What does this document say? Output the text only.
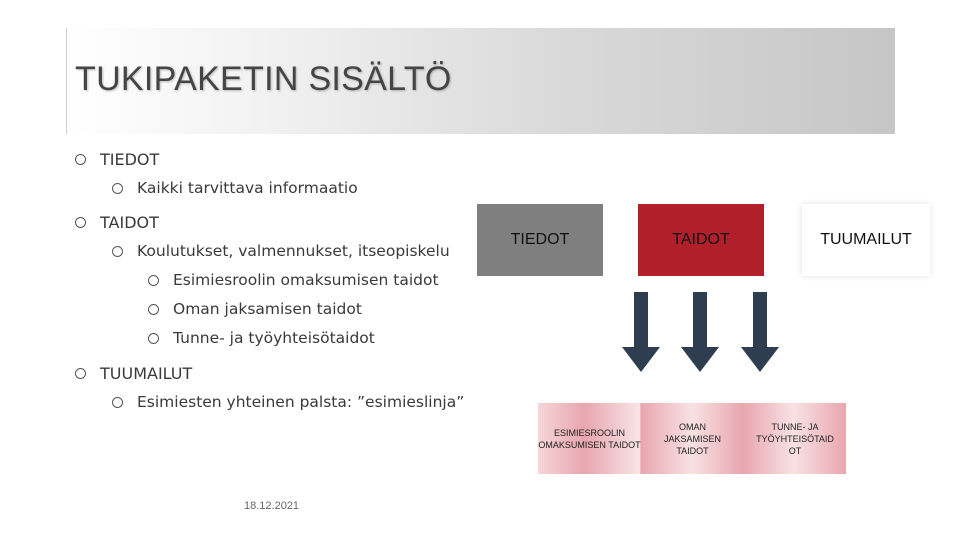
TUKIPAKETIN SISÄLTÖ
TIEDOT
Kaikki tarvittava informaatio
TAIDOT
Koulutukset, valmennukset, itseopiskelu
Esimiesroolin omaksumisen taidot
Oman jaksamisen taidot
Tunne- ja työyhteisötaidot
TUUMAILUT
Esimiesten yhteinen palsta: ”esimieslinja”
TIEDOT	TAIDOT	TUUMAILUT
ESIMIESROOLIN OMAKSUMISEN TAIDOT
OMAN JAKSAMISEN TAIDOT
TUNNE- JA TYÖYHTEISÖTAID OT
18.12.2021
